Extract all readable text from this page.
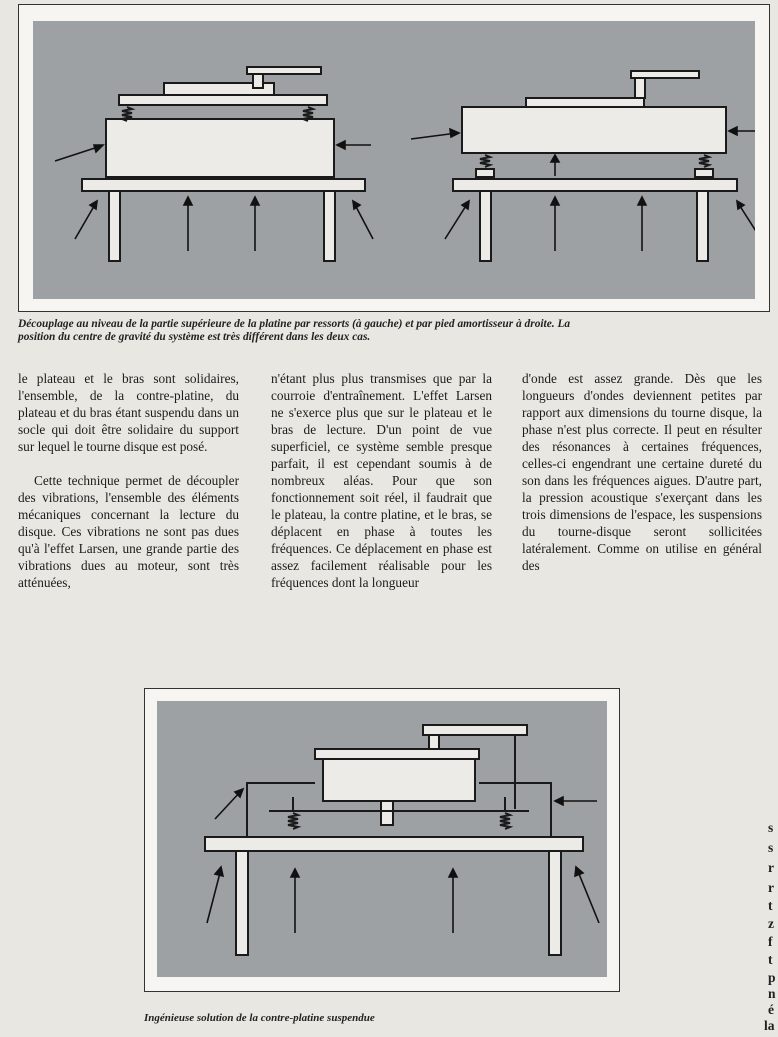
Découplage au niveau de la partie supérieure de la platine par ressorts (à gauche) et par pied amortisseur à droite. La
position du centre de gravité du système est très différent dans les deux cas.

le plateau et le bras sont solidaires, l'ensemble, de la contre-platine, du plateau et du bras étant suspendu dans un socle qui doit être solidaire du support sur lequel le tourne disque est posé.

Cette technique permet de découpler des vibrations, l'ensemble des éléments mécaniques concernant la lecture du disque. Ces vibrations ne sont pas dues qu'à l'effet Larsen, une grande partie des vibrations dues au moteur, sont très atténuées,

n'étant plus plus transmises que par la courroie d'entraînement. L'effet Larsen ne s'exerce plus que sur le plateau et le bras de lecture. D'un point de vue superficiel, ce système semble presque parfait, il est cependant soumis à de nombreux aléas. Pour que son fonctionnement soit réel, il faudrait que le plateau, la contre platine, et le bras, se déplacent en phase à toutes les fréquences. Ce déplacement en phase est assez facilement réalisable pour les fréquences dont la longueur

d'onde est assez grande. Dès que les longueurs d'ondes deviennent petites par rapport aux dimensions du tourne disque, la phase n'est plus correcte. Il peut en résulter des résonances à certaines fréquences, celles-ci engendrant une certaine dureté du son dans les fréquences aigues. D'autre part, la pression acoustique s'exerçant dans les trois dimensions de l'espace, les suspensions du tourne-disque seront sollicitées latéralement. Comme on utilise en général des

Ingénieuse solution de la contre-platine suspendue
s
s
r
r
t
z
f
t
p
n
é
la
